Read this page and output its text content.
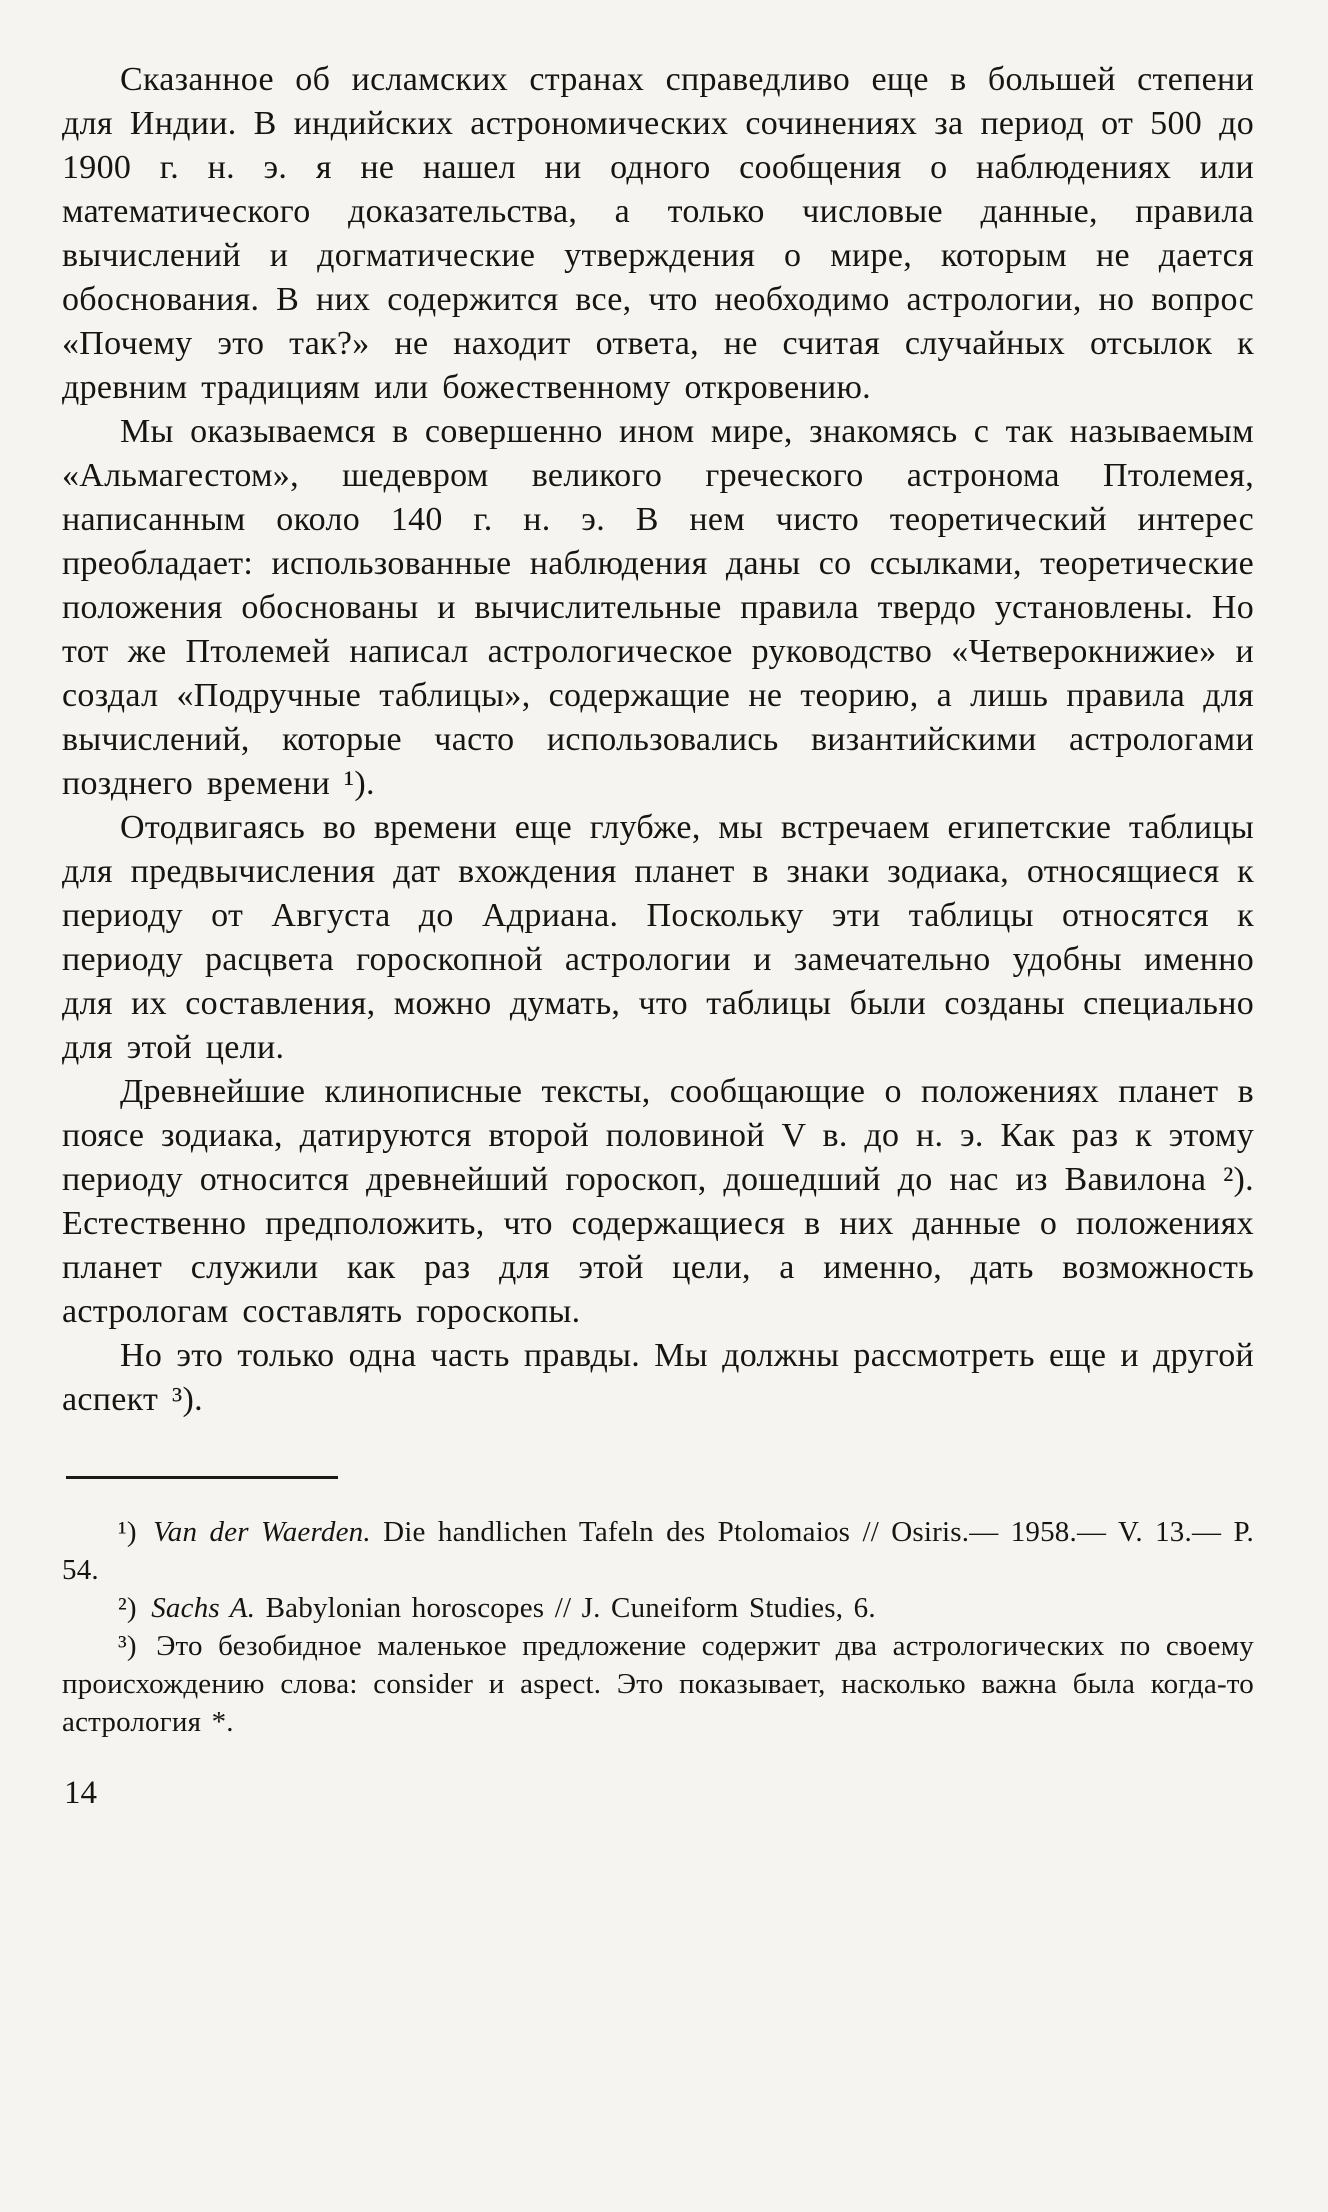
Сказанное об исламских странах справедливо еще в большей степени для Индии. В индийских астрономических сочинениях за период от 500 до 1900 г. н. э. я не нашел ни одного сообщения о наблюдениях или математического доказательства, а только числовые данные, правила вычислений и догматические утверждения о мире, которым не дается обоснования. В них содержится все, что необходимо астрологии, но вопрос «Почему это так?» не находит ответа, не считая случайных отсылок к древним традициям или божественному откровению.

Мы оказываемся в совершенно ином мире, знакомясь с так называемым «Альмагестом», шедевром великого греческого астронома Птолемея, написанным около 140 г. н. э. В нем чисто теоретический интерес преобладает: использованные наблюдения даны со ссылками, теоретические положения обоснованы и вычислительные правила твердо установлены. Но тот же Птолемей написал астрологическое руководство «Четверокнижие» и создал «Подручные таблицы», содержащие не теорию, а лишь правила для вычислений, которые часто использовались византийскими астрологами позднего времени ¹).

Отодвигаясь во времени еще глубже, мы встречаем египетские таблицы для предвычисления дат вхождения планет в знаки зодиака, относящиеся к периоду от Августа до Адриана. Поскольку эти таблицы относятся к периоду расцвета гороскопной астрологии и замечательно удобны именно для их составления, можно думать, что таблицы были созданы специально для этой цели.

Древнейшие клинописные тексты, сообщающие о положениях планет в поясе зодиака, датируются второй половиной V в. до н. э. Как раз к этому периоду относится древнейший гороскоп, дошедший до нас из Вавилона ²). Естественно предположить, что содержащиеся в них данные о положениях планет служили как раз для этой цели, а именно, дать возможность астрологам составлять гороскопы.

Но это только одна часть правды. Мы должны рассмотреть еще и другой аспект ³).

¹) Van der Waerden. Die handlichen Tafeln des Ptolomaios // Osiris.— 1958.— V. 13.— P. 54.

²) Sachs A. Babylonian horoscopes // J. Cuneiform Studies, 6.

³) Это безобидное маленькое предложение содержит два астрологических по своему происхождению слова: consider и aspect. Это показывает, насколько важна была когда-то астрология *.

14
